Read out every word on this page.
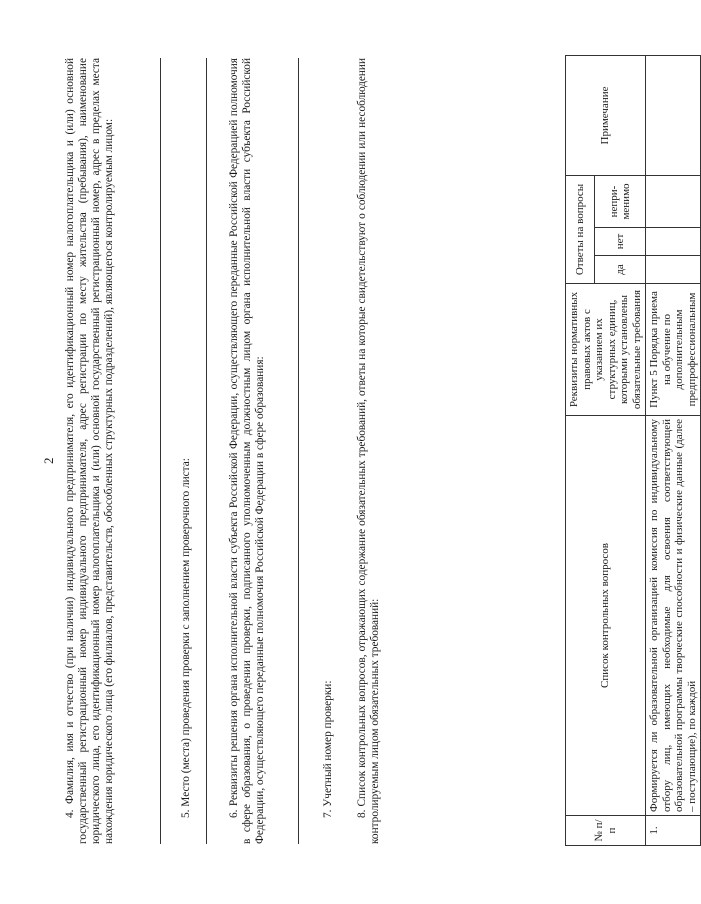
2 4. Фамилия, имя и отчество (при наличии) индивидуального предпринимателя, его идентификационный номер налогоплательщика и (или) основной государственный регистрационный номер индивидуального предпринимателя, адрес регистрации по месту жительства (пребывания), наименование юридического лица, его идентификационный номер налогоплательщика и (или) основной государственный регистрационный номер, адрес в пределах места нахождения юридического лица (его филиалов, представительств, обособленных структурных подразделений), являющегося контролируемым лицом:	5. Место (места) проведения проверки с заполнением проверочного листа:	6. Реквизиты решения органа исполнительной власти субъекта Российской Федерации, осуществляющего переданные Российской Федерацией полномочия в сфере образования, о проведении проверки, подписанного уполномоченным должностным лицом органа исполнительной власти субъекта Российской Федерации, осуществляющего переданные полномочия Российской Федерации в сфере образования:	7. Учетный номер проверки: 8. Список контрольных вопросов, отражающих содержание обязательных требований, ответы на которые свидетельствуют о соблюдении или несоблюдении контролируемым лицом обязательных требований:	№ п/п	Список контрольных вопросов	Реквизиты нормативных правовых актов с указанием их структурных единиц, которыми установлены обязательные требования	Ответы на вопросы			Примечание
			да	нет	непри-менимо	
1.	Формируется ли образовательной организацией комиссия по индивидуальному отбору лиц, имеющих необходимые для освоения соответствующей образовательной программы творческие способности и физические данные (далее – поступающие), по каждой	Пункт 5 Порядка приема на обучение по дополнительным предпрофессиональным				
